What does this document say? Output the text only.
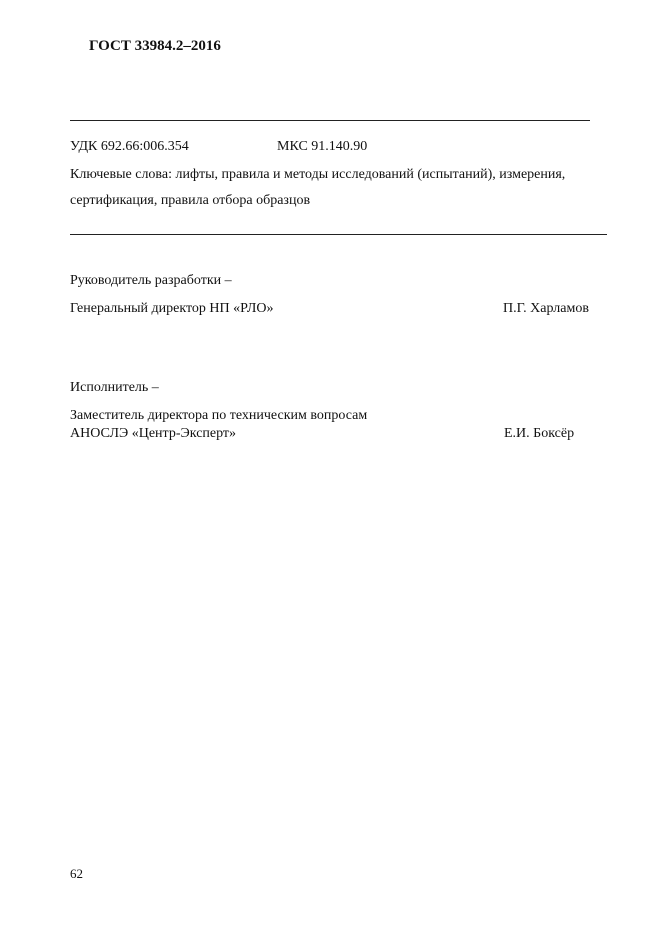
ГОСТ 33984.2–2016
УДК 692.66:006.354	МКС 91.140.90
Ключевые слова: лифты, правила и методы исследований (испытаний), измерения,
сертификация, правила отбора образцов
Руководитель разработки –
Генеральный директор НП «РЛО»	П.Г. Харламов
Исполнитель –
Заместитель директора по техническим вопросам
АНОСЛЭ «Центр-Эксперт»	Е.И. Боксёр
62
